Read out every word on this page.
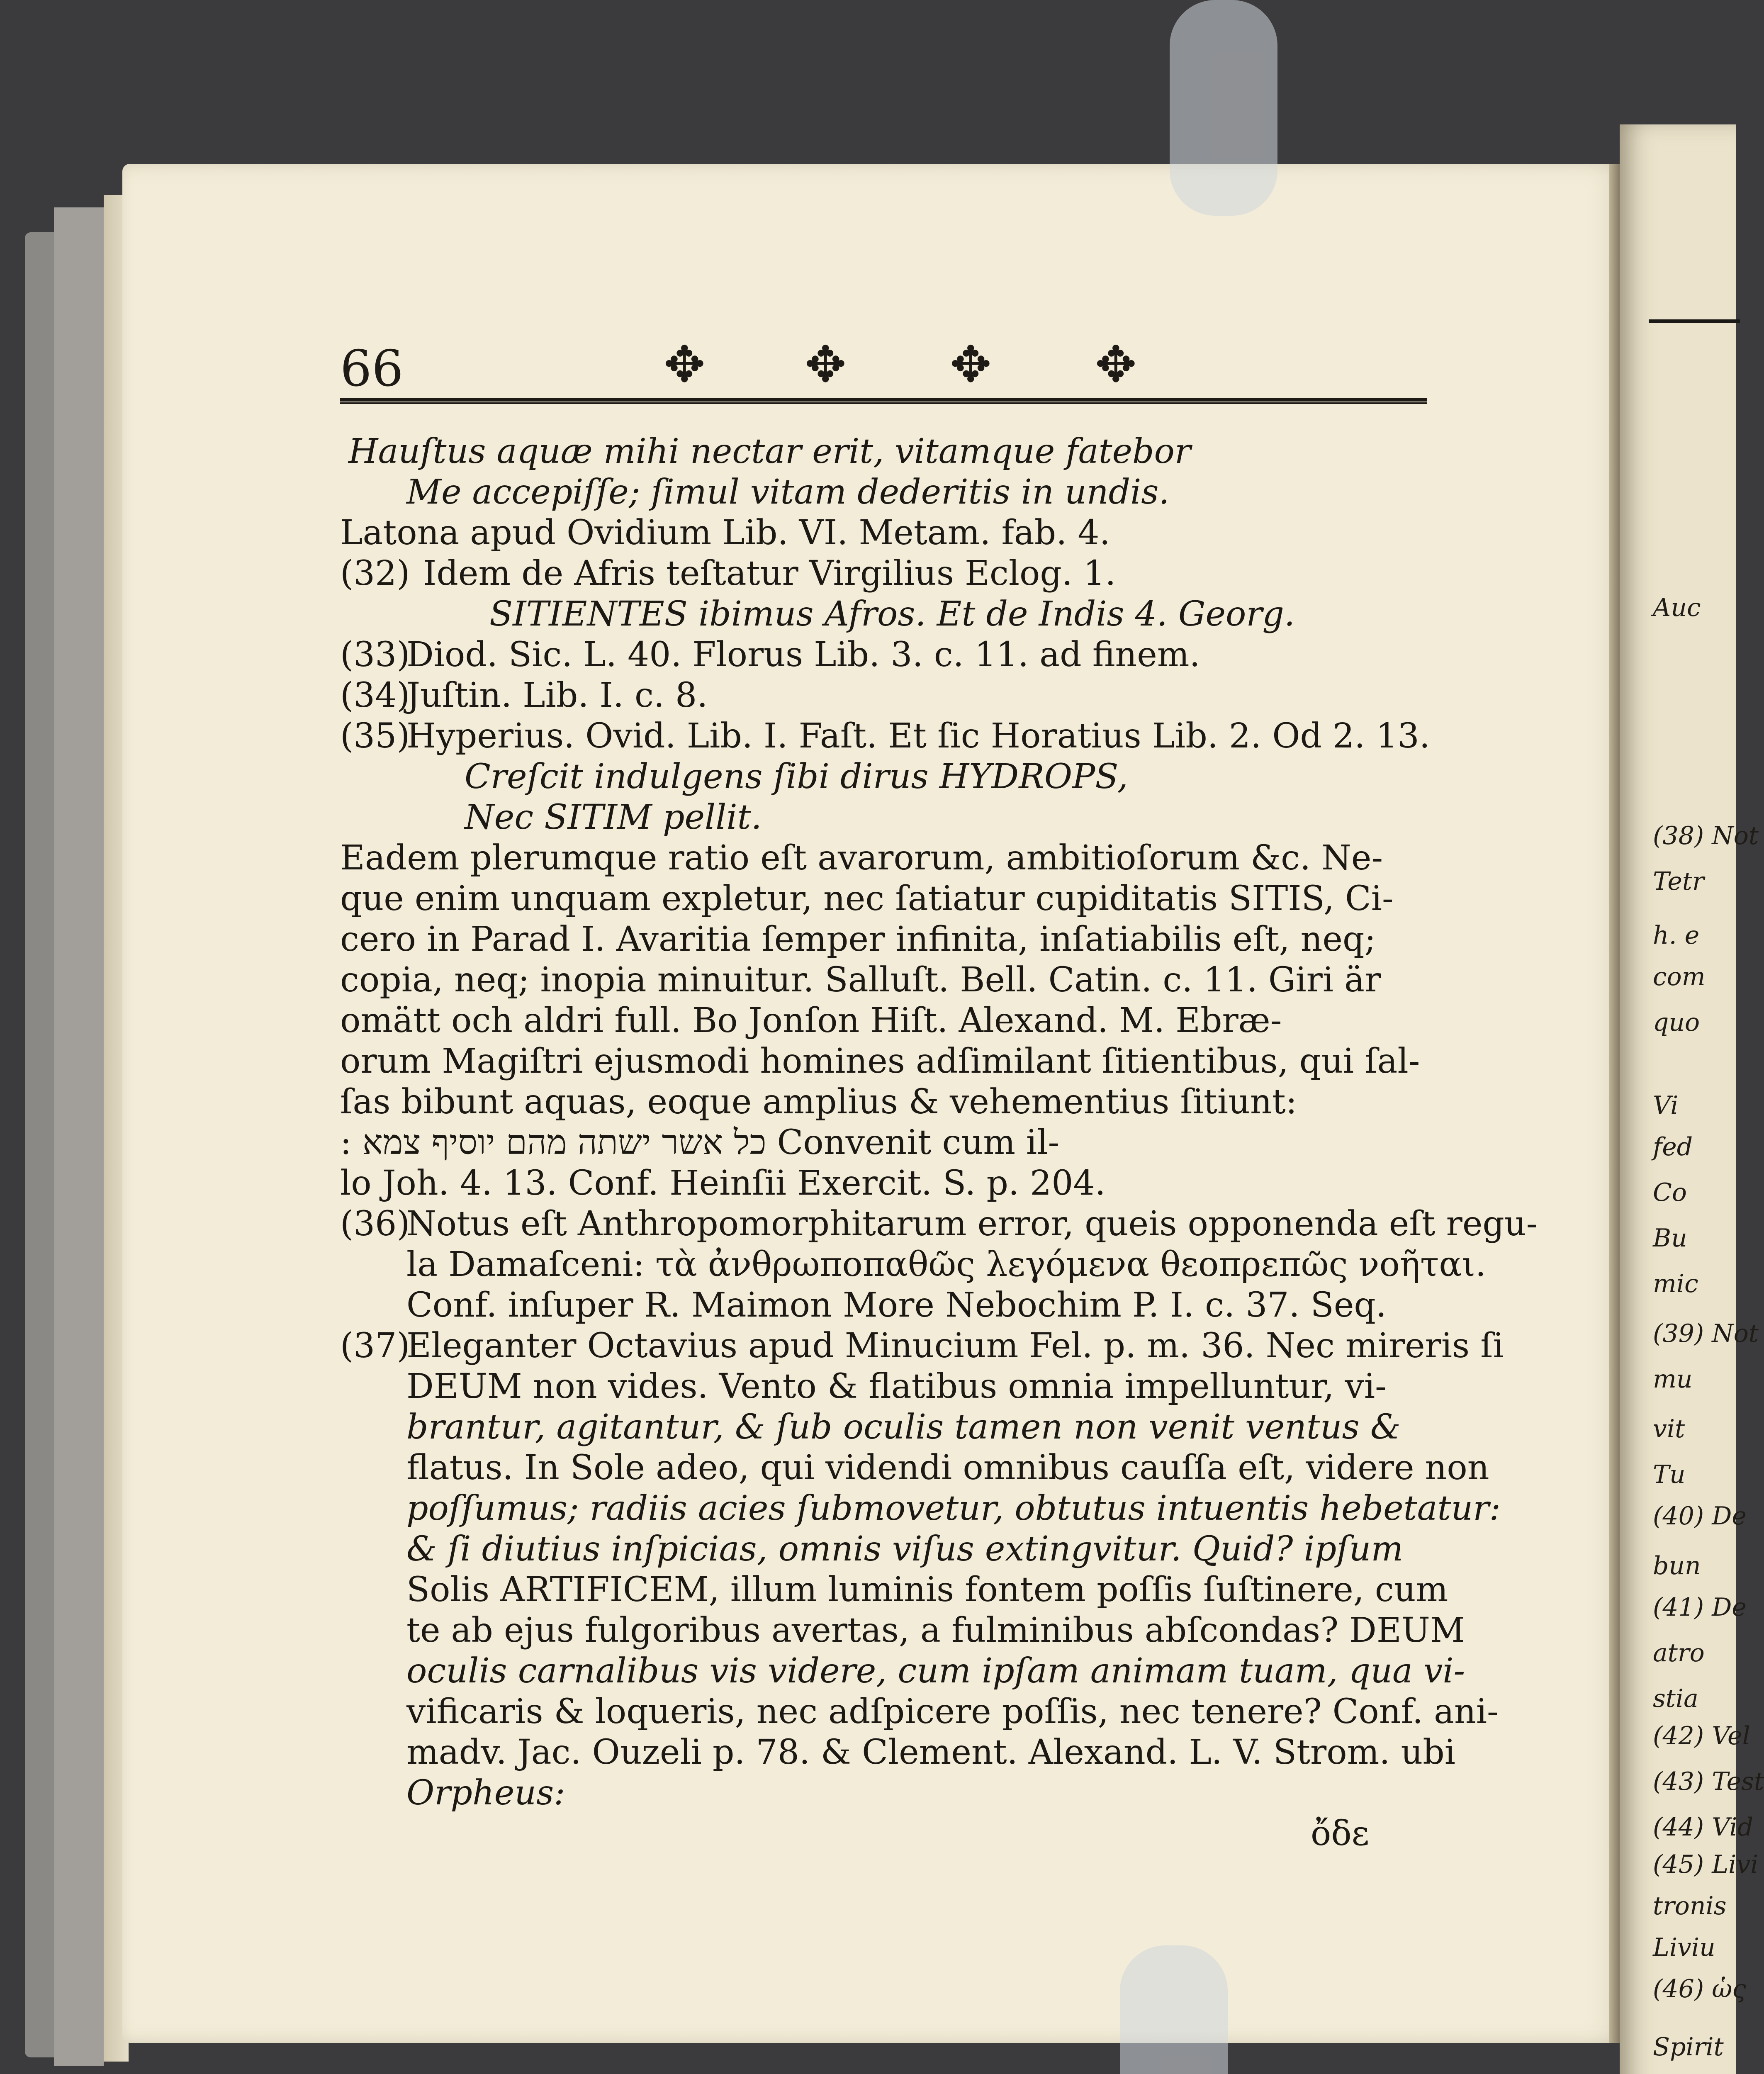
Auc
(38) Not
Tetr
h. e
com
quo
Vi
fed
Co
Bu
mic
(39) Not
mu
vit
Tu
(40) De
bun
(41) De
atro
stia
(42) Vel
(43) Test
(44) Vid
(45) Livi
tronis
Liviu
(46) ὡς
Spirit
66	✥ ✥ ✥ ✥
Hauſtus aquæ mihi nectar erit, vitamque fatebor
Me accepiſſe; ſimul vitam dederitis in undis.
Latona apud Ovidium Lib. VI. Metam. fab. 4.
(32) Idem de Afris teſtatur Virgilius Eclog. 1.
SITIENTES ibimus Afros. Et de Indis 4. Georg.
(33)
Diod. Sic. L. 40. Florus Lib. 3. c. 11. ad finem.
(34)
Juſtin. Lib. I. c. 8.
(35)
Hyperius. Ovid. Lib. I. Faſt. Et ſic Horatius Lib. 2. Od 2. 13.
Creſcit indulgens ſibi dirus HYDROPS,
Nec SITIM pellit.
Eadem plerumque ratio eſt avarorum, ambitioſorum &c. Ne-
que enim unquam expletur, nec ſatiatur cupiditatis SITIS, Ci-
cero in Parad I. Avaritia ſemper infinita, inſatiabilis eſt, neq;
copia, neq; inopia minuitur. Salluſt. Bell. Catin. c. 11. Giri är
omätt och aldri full. Bo Jonſon Hiſt. Alexand. M. Ebræ-
orum Magiſtri ejusmodi homines adſimilant ſitientibus, qui ſal-
ſas bibunt aquas, eoque amplius & vehementius ſitiunt:
: כל אשר ישתה מהם יוסיף צמא Convenit cum il-
lo Joh. 4. 13. Conf. Heinſii Exercit. S. p. 204.
(36)
Notus eſt Anthropomorphitarum error, queis opponenda eſt regu-
la Damaſceni: τὰ ἀνθρωποπαθῶς λεγόμενα θεοπρεπῶς νοῆται.
Conf. inſuper R. Maimon More Nebochim P. I. c. 37. Seq.
(37)
Eleganter Octavius apud Minucium Fel. p. m. 36. Nec mireris ſi
DEUM non vides. Vento & flatibus omnia impelluntur, vi-
brantur, agitantur, & ſub oculis tamen non venit ventus &
flatus. In Sole adeo, qui videndi omnibus cauſſa eſt, videre non
poſſumus; radiis acies ſubmovetur, obtutus intuentis hebetatur:
& ſi diutius inſpicias, omnis viſus extingvitur. Quid? ipſum
Solis ARTIFICEM, illum luminis fontem poſſis ſuſtinere, cum
te ab ejus fulgoribus avertas, a fulminibus abſcondas? DEUM
oculis carnalibus vis videre, cum ipſam animam tuam, qua vi-
vificaris & loqueris, nec adſpicere poſſis, nec tenere? Conf. ani-
madv. Jac. Ouzeli p. 78. & Clement. Alexand. L. V. Strom. ubi
Orpheus:
ὄδε
